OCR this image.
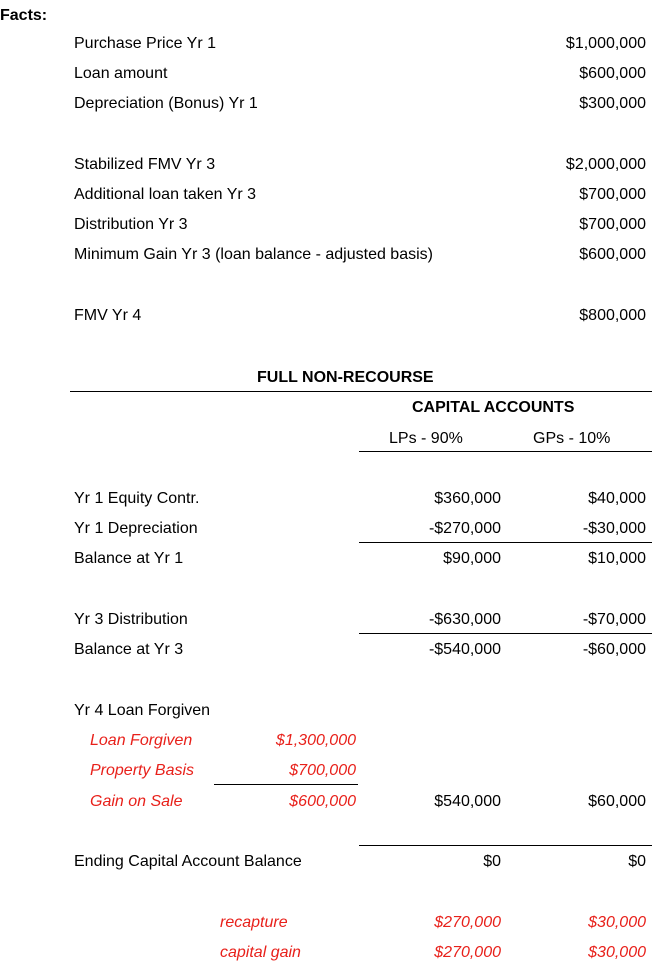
Facts:
Purchase Price Yr 1	$1,000,000
Loan amount	$600,000
Depreciation (Bonus) Yr 1	$300,000
Stabilized FMV Yr 3	$2,000,000
Additional loan taken Yr 3	$700,000
Distribution Yr 3	$700,000
Minimum Gain Yr 3 (loan balance - adjusted basis)	$600,000
FMV Yr 4	$800,000
FULL NON-RECOURSE
CAPITAL ACCOUNTS
LPs - 90%	GPs - 10%
Yr 1 Equity Contr.	$360,000	$40,000
Yr 1 Depreciation	-$270,000	-$30,000
Balance at Yr 1	$90,000	$10,000
Yr 3 Distribution	-$630,000	-$70,000
Balance at Yr 3	-$540,000	-$60,000
Yr 4 Loan Forgiven
Loan Forgiven	$1,300,000
Property Basis	$700,000
Gain on Sale	$600,000	$540,000	$60,000
Ending Capital Account Balance	$0	$0
recapture	$270,000	$30,000
capital gain	$270,000	$30,000
